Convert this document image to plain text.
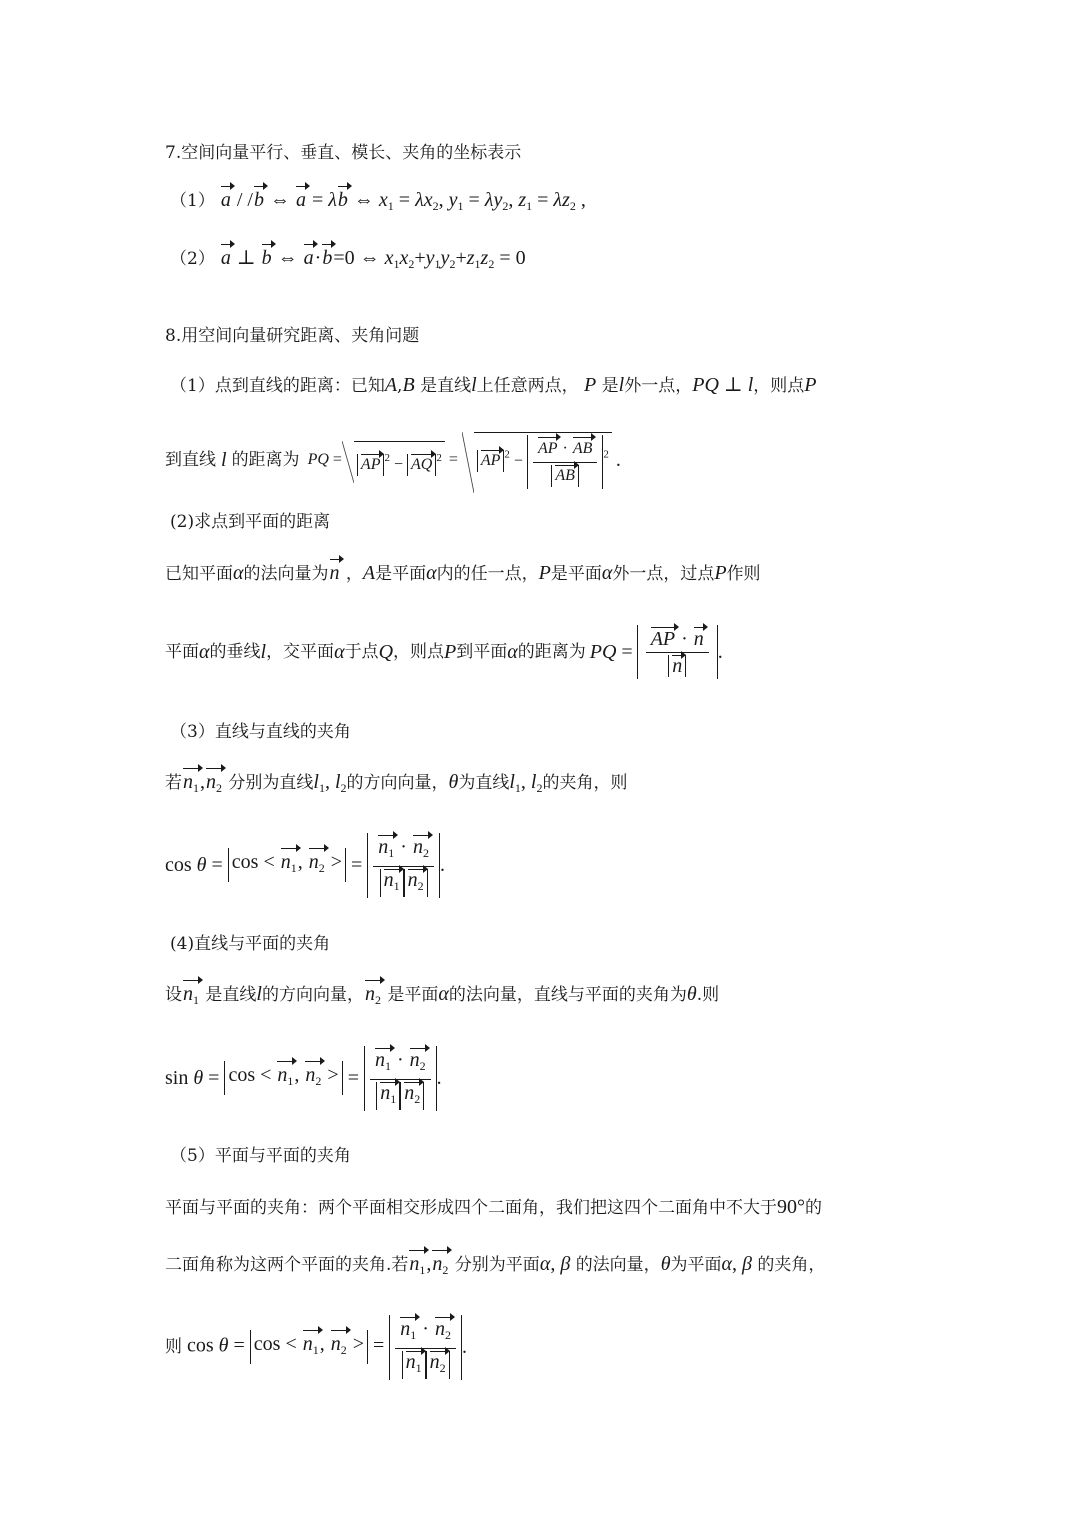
7.空间向量平行、垂直、模长、夹角的坐标表示
（1） a / /b ⇔ a = λb ⇔ $x_1 = \lambda x_2$, $y_1 = \lambda y_2$, $z_1 = \lambda z_2$ ,
（2） a ⊥ b ⇔ a·b=0 ⇔ $x_1x_2+y_1y_2+z_1z_2 = 0$
8.用空间向量研究距离、夹角问题
（1）点到直线的距离：已知A,B 是直线l上任意两点， P 是l外一点，PQ ⊥ l，则点P
到直线 l 的距离为 PQ =	AP $^2$ − AQ $^2$ =	AP $^2 - \frac{AP \cdot AB}{AB} ^2$ .
(2)求点到平面的距离
已知平面α的法向量为n ，A是平面α内的任一点，P是平面α外一点，过点P作则
平面 α 的垂线 l ，交平面 α 于点 Q ，则点 P 到平面 α 的距离为 PQ = $\frac{AP \cdot n}{n}$ .
（3）直线与直线的夹角
若$n_1,n_2$ 分别为直线$l_1$, $l_2$的方向向量，θ为直线$l_1$, $l_2$的夹角，则
$\cos \theta = \cos < n_1$, $n_2$ > = $\frac{n_1 \cdot n_2}{n_1 n_2}$ .
(4)直线与平面的夹角
设$n_1$ 是直线l的方向向量，$n_2$ 是平面α的法向量，直线与平面的夹角为θ.则
$\sin \theta = \cos < n_1$, $n_2$ > = $\frac{n_1 \cdot n_2}{n_1 n_2}$ .
（5）平面与平面的夹角
平面与平面的夹角：两个平面相交形成四个二面角，我们把这四个二面角中不大于90°的
二面角称为这两个平面的夹角.若$n_1,n_2$ 分别为平面α, β 的法向量，θ为平面α, β 的夹角，
则 $\cos \theta = \cos < n_1$, $n_2$ > = $\frac{n_1 \cdot n_2}{n_1 n_2}$ .
